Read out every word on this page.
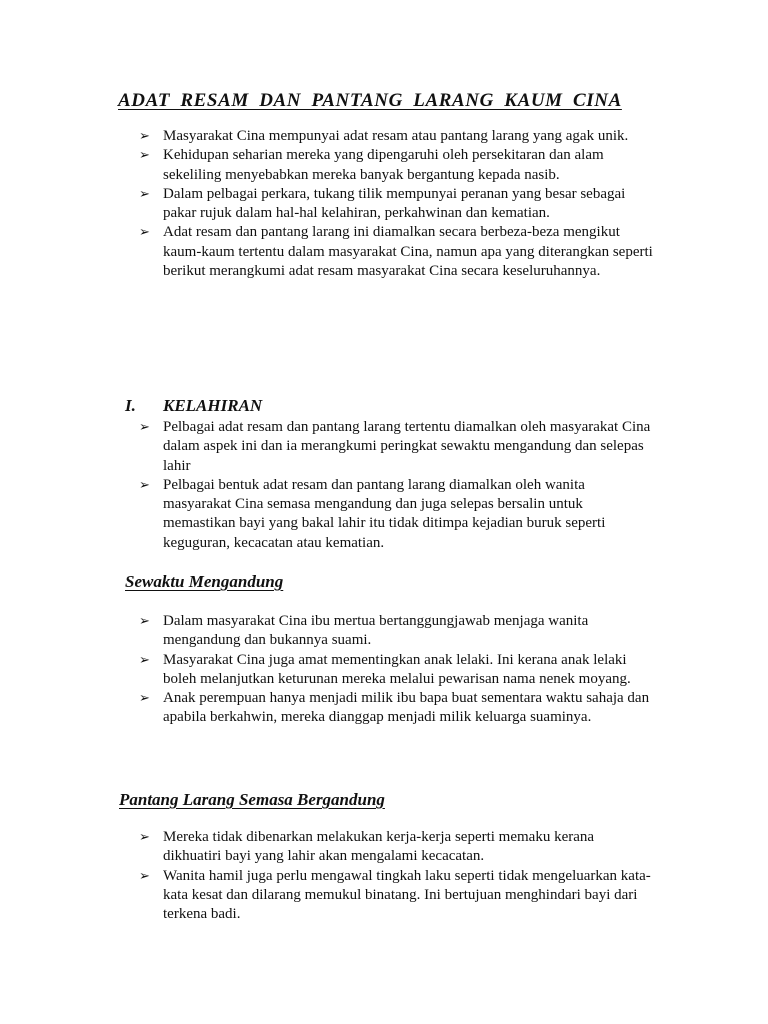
ADAT RESAM DAN PANTANG LARANG KAUM CINA
➢ Masyarakat Cina mempunyai adat resam atau pantang larang yang agak unik.
➢ Kehidupan seharian mereka yang dipengaruhi oleh persekitaran dan alam sekeliling menyebabkan mereka banyak bergantung kepada nasib.
➢ Dalam pelbagai perkara, tukang tilik mempunyai peranan yang besar sebagai pakar rujuk dalam hal-hal kelahiran, perkahwinan dan kematian.
➢ Adat resam dan pantang larang ini diamalkan secara berbeza-beza mengikut kaum-kaum tertentu dalam masyarakat Cina, namun apa yang diterangkan seperti berikut merangkumi adat resam masyarakat Cina secara keseluruhannya.
I. KELAHIRAN
➢ Pelbagai adat resam dan pantang larang tertentu diamalkan oleh masyarakat Cina dalam aspek ini dan ia merangkumi peringkat sewaktu mengandung dan selepas lahir
➢ Pelbagai bentuk adat resam dan pantang larang diamalkan oleh wanita masyarakat Cina semasa mengandung dan juga selepas bersalin untuk memastikan bayi yang bakal lahir itu tidak ditimpa kejadian buruk seperti keguguran, kecacatan atau kematian.
Sewaktu Mengandung
➢ Dalam masyarakat Cina ibu mertua bertanggungjawab menjaga wanita mengandung dan bukannya suami.
➢ Masyarakat Cina juga amat mementingkan anak lelaki. Ini kerana anak lelaki boleh melanjutkan keturunan mereka melalui pewarisan nama nenek moyang.
➢ Anak perempuan hanya menjadi milik ibu bapa buat sementara waktu sahaja dan apabila berkahwin, mereka dianggap menjadi milik keluarga suaminya.
Pantang Larang Semasa Bergandung
➢ Mereka tidak dibenarkan melakukan kerja-kerja seperti memaku kerana dikhuatiri bayi yang lahir akan mengalami kecacatan.
➢ Wanita hamil juga perlu mengawal tingkah laku seperti tidak mengeluarkan kata-kata kesat dan dilarang memukul binatang. Ini bertujuan menghindari bayi dari terkena badi.
